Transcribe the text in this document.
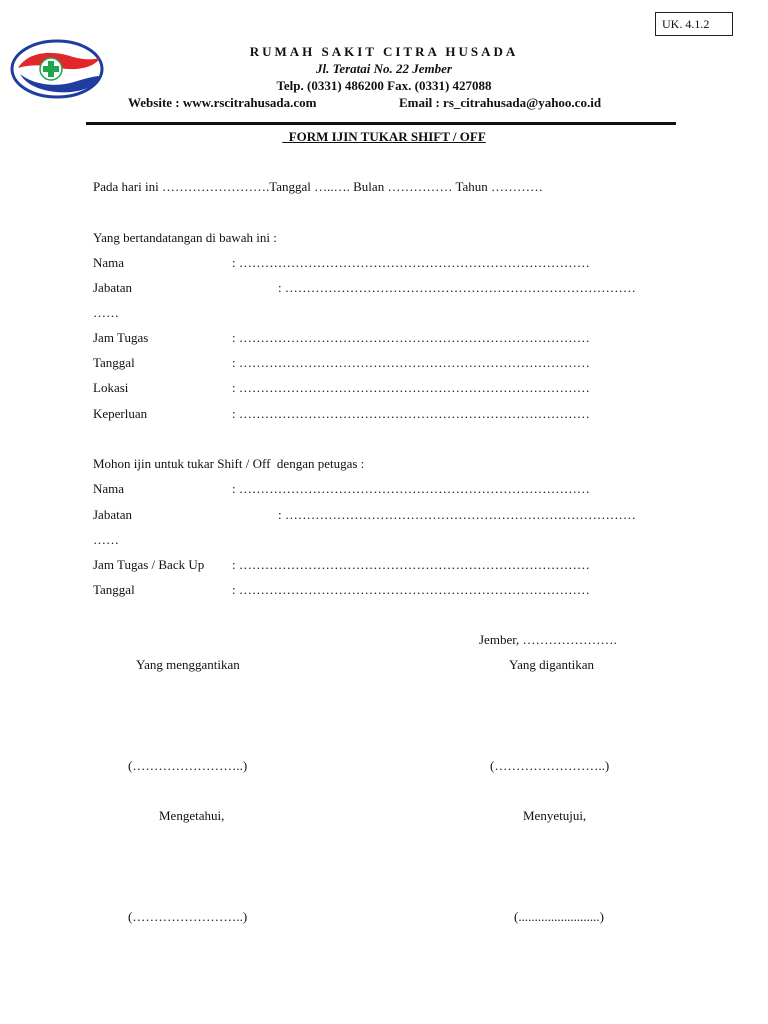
UK. 4.1.2
RUMAH SAKIT CITRA HUSADA
Jl. Teratai No. 22 Jember
Telp. (0331) 486200 Fax. (0331) 427088
Website : www.rscitrahusada.com	Email : rs_citrahusada@yahoo.co.id
FORM IJIN TUKAR SHIFT / OFF
Pada hari ini …………………….Tanggal …..…. Bulan …………… Tahun …………
Yang bertandatangan di bawah ini :
Nama	: ………………………………………………………………………
Jabatan	: ………………………………………………………………………
……
Jam Tugas	: ………………………………………………………………………
Tanggal	: ………………………………………………………………………
Lokasi	: ………………………………………………………………………
Keperluan	: ………………………………………………………………………
Mohon ijin untuk tukar Shift / Off  dengan petugas :
Nama	: ………………………………………………………………………
Jabatan	: ………………………………………………………………………
……
Jam Tugas / Back Up : ………………………………………………………………………
Tanggal	: ………………………………………………………………………
Jember, ………………….
Yang menggantikan	Yang digantikan
(……………………..)	(……………………..)
Mengetahui,	Menyetujui,
(……………………..)	(.........................)
